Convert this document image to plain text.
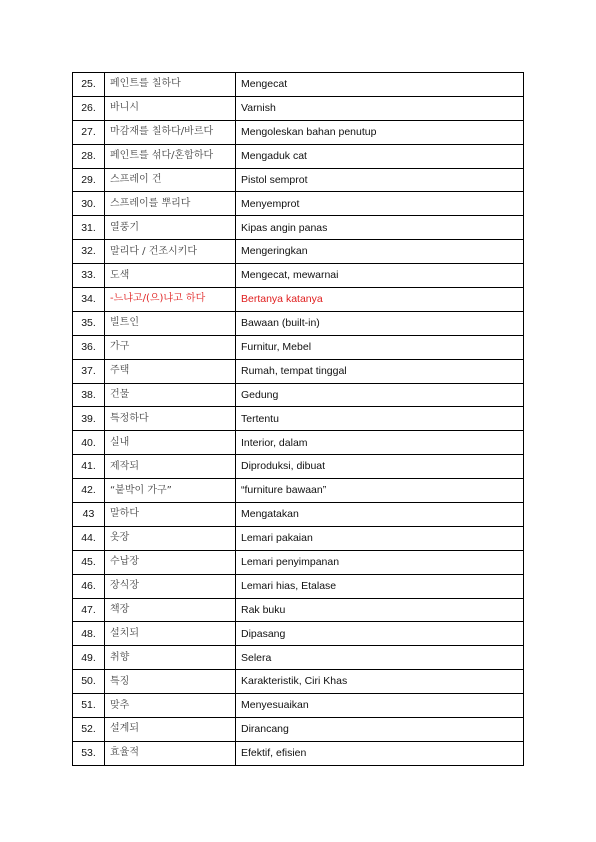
25.	페인트를 칠하다	Mengecat
26.	바니시	Varnish
27.	마감재를 칠하다/바르다	Mengoleskan bahan penutup
28.	페인트를 섞다/혼합하다	Mengaduk cat
29.	스프레이 건	Pistol semprot
30.	스프레이를 뿌리다	Menyemprot
31.	열풍기	Kipas angin panas
32.	말리다 / 건조시키다	Mengeringkan
33.	도색	Mengecat, mewarnai
34.	-느냐고/(으)냐고 하다	Bertanya katanya
35.	빌트인	Bawaan (built-in)
36.	가구	Furnitur, Mebel
37.	주택	Rumah, tempat tinggal
38.	건물	Gedung
39.	특정하다	Tertentu
40.	실내	Interior, dalam
41.	제작되	Diproduksi, dibuat
42.	“붙박이 가구”	“furniture bawaan”
43	말하다	Mengatakan
44.	옷장	Lemari pakaian
45.	수납장	Lemari penyimpanan
46.	장식장	Lemari hias, Etalase
47.	책장	Rak buku
48.	설치되	Dipasang
49.	취향	Selera
50.	특징	Karakteristik, Ciri Khas
51.	맞추	Menyesuaikan
52.	설계되	Dirancang
53.	효율적	Efektif, efisien
